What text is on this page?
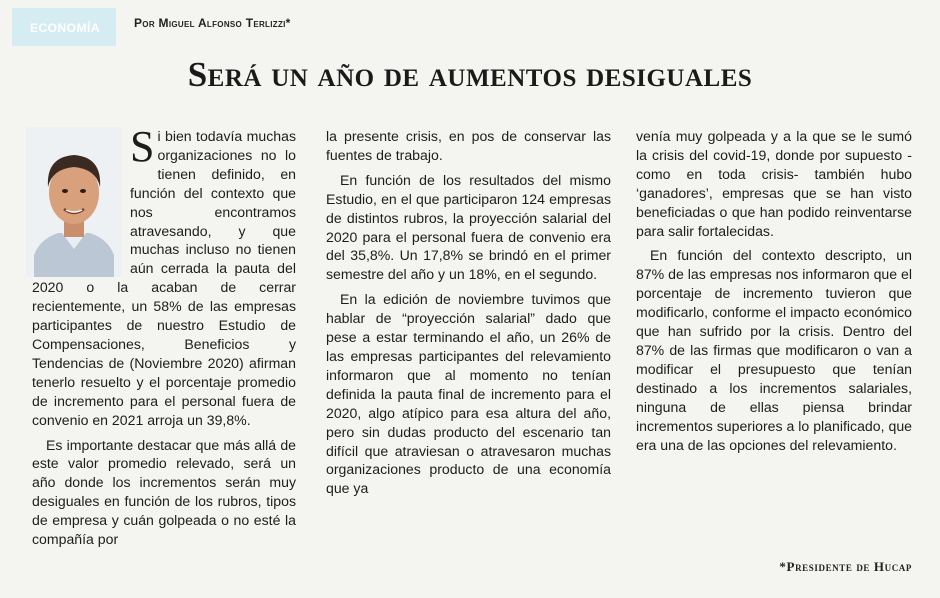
ECONOMÍA	Por Miguel Alfonso Terlizzi*
Será un año de aumentos desiguales

Si bien todavía muchas organizaciones no lo tienen definido, en función del contexto que nos encontramos atravesando, y que muchas incluso no tienen aún cerrada la pauta del 2020 o la acaban de cerrar recientemente, un 58% de las empresas participantes de nuestro Estudio de Compensaciones, Beneficios y Tendencias de (Noviembre 2020) afirman tenerlo resuelto y el porcentaje promedio de incremento para el personal fuera de convenio en 2021 arroja un 39,8%.

Es importante destacar que más allá de este valor promedio relevado, será un año donde los incrementos serán muy desiguales en función de los rubros, tipos de empresa y cuán golpeada o no esté la compañía por

la presente crisis, en pos de conservar las fuentes de trabajo.

En función de los resultados del mismo Estudio, en el que participaron 124 empresas de distintos rubros, la proyección salarial del 2020 para el personal fuera de convenio era del 35,8%. Un 17,8% se brindó en el primer semestre del año y un 18%, en el segundo.

En la edición de noviembre tuvimos que hablar de “proyección salarial” dado que pese a estar terminando el año, un 26% de las empresas participantes del relevamiento informaron que al momento no tenían definida la pauta final de incremento para el 2020, algo atípico para esa altura del año, pero sin dudas producto del escenario tan difícil que atraviesan o atravesaron muchas organizaciones producto de una economía que ya

venía muy golpeada y a la que se le sumó la crisis del covid-19, donde por supuesto -como en toda crisis- también hubo ‘ganadores’, empresas que se han visto beneficiadas o que han podido reinventarse para salir fortalecidas.

En función del contexto descripto, un 87% de las empresas nos informaron que el porcentaje de incremento tuvieron que modificarlo, conforme el impacto económico que han sufrido por la crisis. Dentro del 87% de las firmas que modificaron o van a modificar el presupuesto que tenían destinado a los incrementos salariales, ninguna de ellas piensa brindar incrementos superiores a lo planificado, que era una de las opciones del relevamiento.

*Presidente de Hucap
